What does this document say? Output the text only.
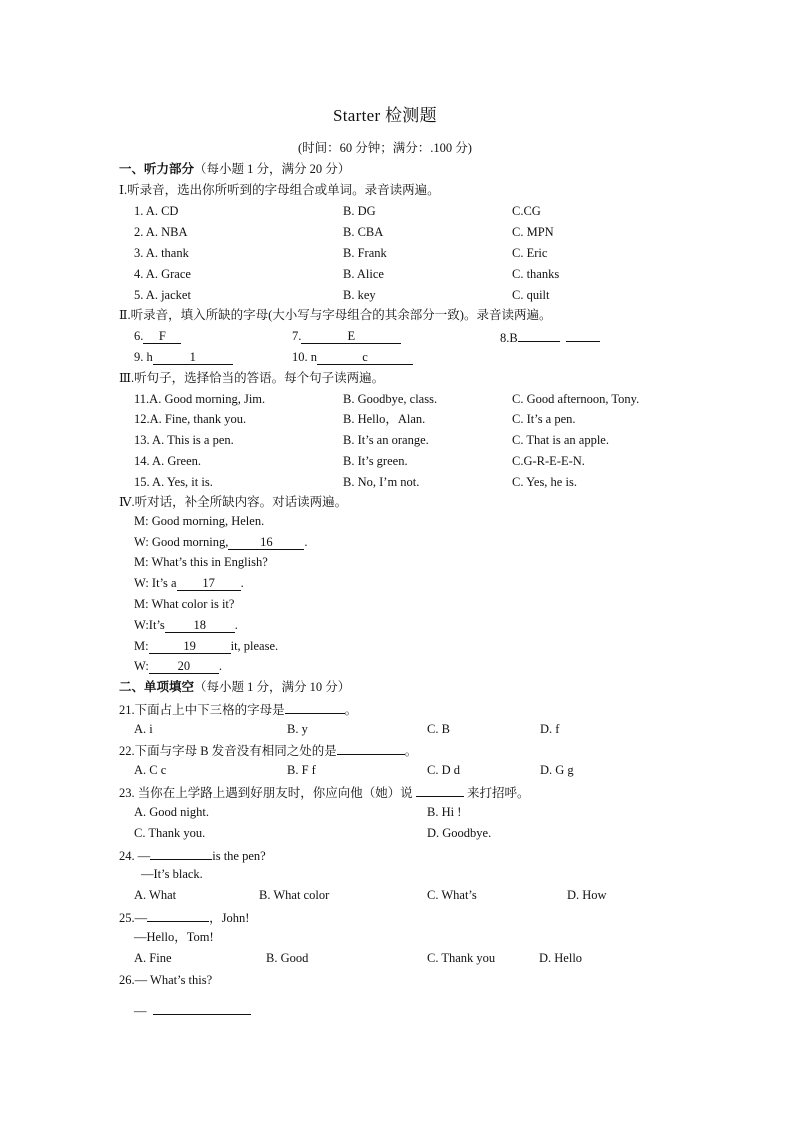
Starter 检测题
(时间：60 分钟；满分：.100 分)
一、听力部分（每小题 1 分，满分 20 分）
Ⅰ.听录音，选出你所听到的字母组合或单词。录音读两遍。
1. A. CD	B. DG	C.CG
2. A. NBA	B. CBA	C. MPN
3. A. thank	B. Frank	C. Eric
4. A. Grace	B. Alice	C. thanks
5. A. jacket	B. key	C. quilt
Ⅱ.听录音，填入所缺的字母(大小写与字母组合的其余部分一致)。录音读两遍。
6. F	7.	E	8.B
9. h	1	10. n	c
Ⅲ.听句子，选择恰当的答语。每个句子读两遍。
11.A. Good morning, Jim.	B. Goodbye, class.	C. Good afternoon, Tony.
12.A. Fine, thank you.	B. Hello，Alan.	C. It’s a pen.
13. A. This is a pen.	B. It’s an orange.	C. That is an apple.
14. A. Green.	B. It’s green.	C.G-R-E-E-N.
15. A. Yes, it is.	B. No, I’m not.	C. Yes, he is.
Ⅳ.听对话，补全所缺内容。对话读两遍。
M: Good morning, Helen.
W: Good morning,	16	.
M: What’s this in English?
W: It’s a 17 .
M: What color is it?
W:It’s 18 .
M:	19	it, please.
W: 20 .
二、单项填空（每小题 1 分，满分 10 分）
21.下面占上中下三格的字母是	。
A. i	B. y	C. B	D. f
22.下面与字母 B 发音没有相同之处的是	。
A. C c	B. F f	C. D d	D. G g
23. 当你在上学路上遇到好朋友时，你应向他（她）说	来打招呼。
A. Good night.	B. Hi !
C. Thank you.	D. Goodbye.
24. —	is the pen?
—It’s black.
A. What	B. What color	C. What’s	D. How
25.—	，John!
—Hello，Tom!
A. Fine	B. Good	C. Thank you	D. Hello
26.— What’s this?
—
